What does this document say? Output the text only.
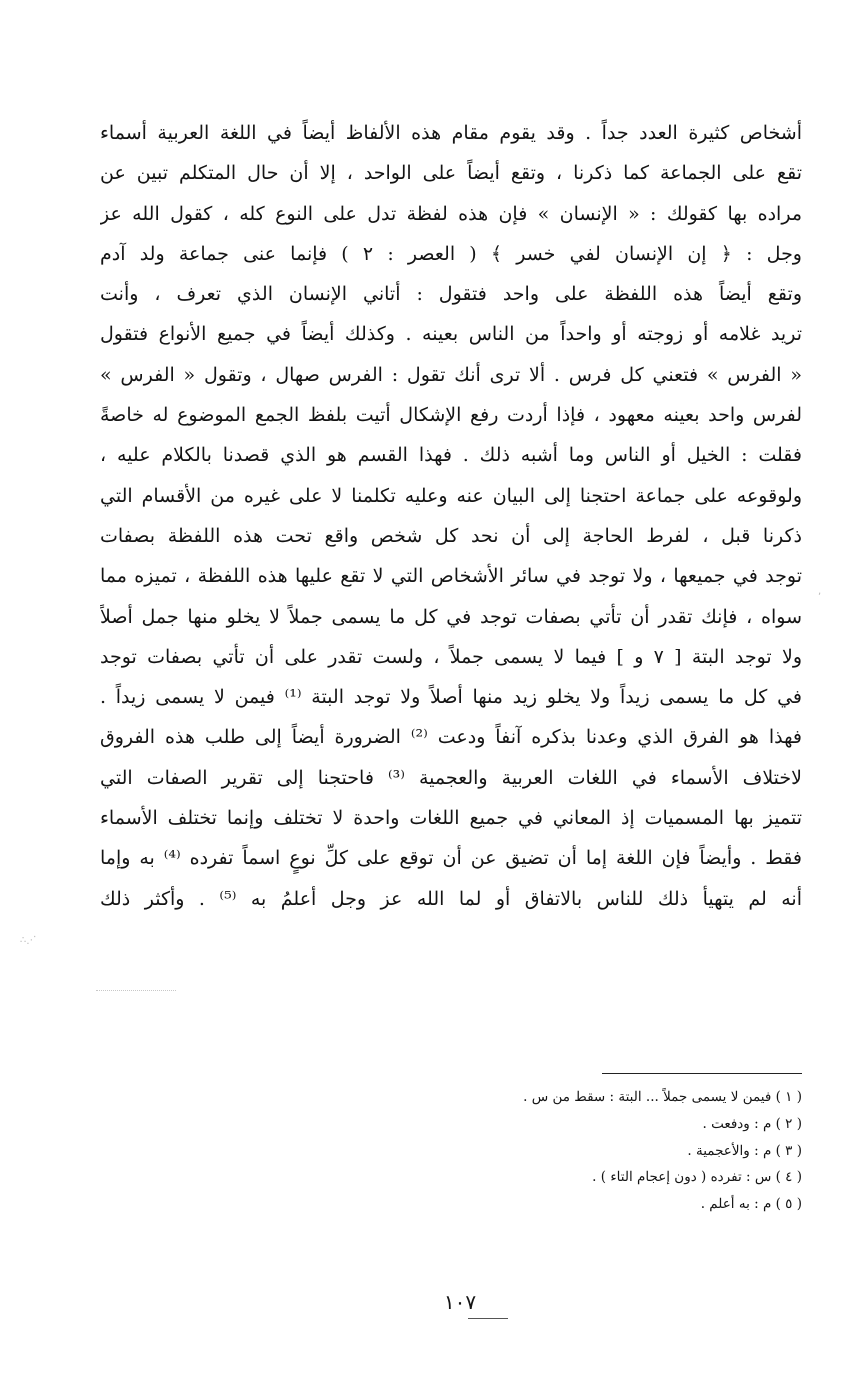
أشخاص كثيرة العدد جداً . وقد يقوم مقام هذه الألفاظ أيضاً في اللغة العربية أسماء
تقع على الجماعة كما ذكرنا ، وتقع أيضاً على الواحد ، إلا أن حال المتكلم تبين عن
مراده بها كقولك : « الإنسان » فإن هذه لفظة تدل على النوع كله ، كقول الله عز
وجل : ﴿ إن الإنسان لفي خسر ﴾ ( العصر : ٢ ) فإنما عنى جماعة ولد آدم
وتقع أيضاً هذه اللفظة على واحد فتقول : أتاني الإنسان الذي تعرف ، وأنت
تريد غلامه أو زوجته أو واحداً من الناس بعينه . وكذلك أيضاً في جميع الأنواع فتقول
« الفرس » فتعني كل فرس . ألا ترى أنك تقول : الفرس صهال ، وتقول « الفرس »
لفرس واحد بعينه معهود ، فإذا أردت رفع الإشكال أتيت بلفظ الجمع الموضوع له خاصةً
فقلت : الخيل أو الناس وما أشبه ذلك . فهذا القسم هو الذي قصدنا بالكلام عليه ،
ولوقوعه على جماعة احتجنا إلى البيان عنه وعليه تكلمنا لا على غيره من الأقسام التي
ذكرنا قبل ، لفرط الحاجة إلى أن نحد كل شخص واقع تحت هذه اللفظة بصفات
توجد في جميعها ، ولا توجد في سائر الأشخاص التي لا تقع عليها هذه اللفظة ، تميزه مما
سواه ، فإنك تقدر أن تأتي بصفات توجد في كل ما يسمى جملاً لا يخلو منها جمل أصلاً
ولا توجد البتة [ ٧ و ] فيما لا يسمى جملاً ، ولست تقدر على أن تأتي بصفات توجد
في كل ما يسمى زيداً ولا يخلو زيد منها أصلاً ولا توجد البتة ⁽¹⁾ فيمن لا يسمى زيداً .
فهذا هو الفرق الذي وعدنا بذكره آنفاً ودعت ⁽²⁾ الضرورة أيضاً إلى طلب هذه الفروق
لاختلاف الأسماء في اللغات العربية والعجمية ⁽³⁾ فاحتجنا إلى تقرير الصفات التي
تتميز بها المسميات إذ المعاني في جميع اللغات واحدة لا تختلف وإنما تختلف الأسماء
فقط . وأيضاً فإن اللغة إما أن تضيق عن أن توقع على كلِّ نوعٍ اسماً تفرده ⁽⁴⁾ به وإما
أنه لم يتهيأ ذلك للناس بالاتفاق أو لما الله عز وجل أعلمُ به ⁽⁵⁾ . وأكثر ذلك
,
∴⋰
( ١ ) فيمن لا يسمى جملاً ... البتة : سقط من س .
( ٢ ) م : ودفعت .
( ٣ ) م : والأعجمية .
( ٤ ) س : تفرده ( دون إعجام التاء ) .
( ٥ ) م : به أعلم .
١٠٧
